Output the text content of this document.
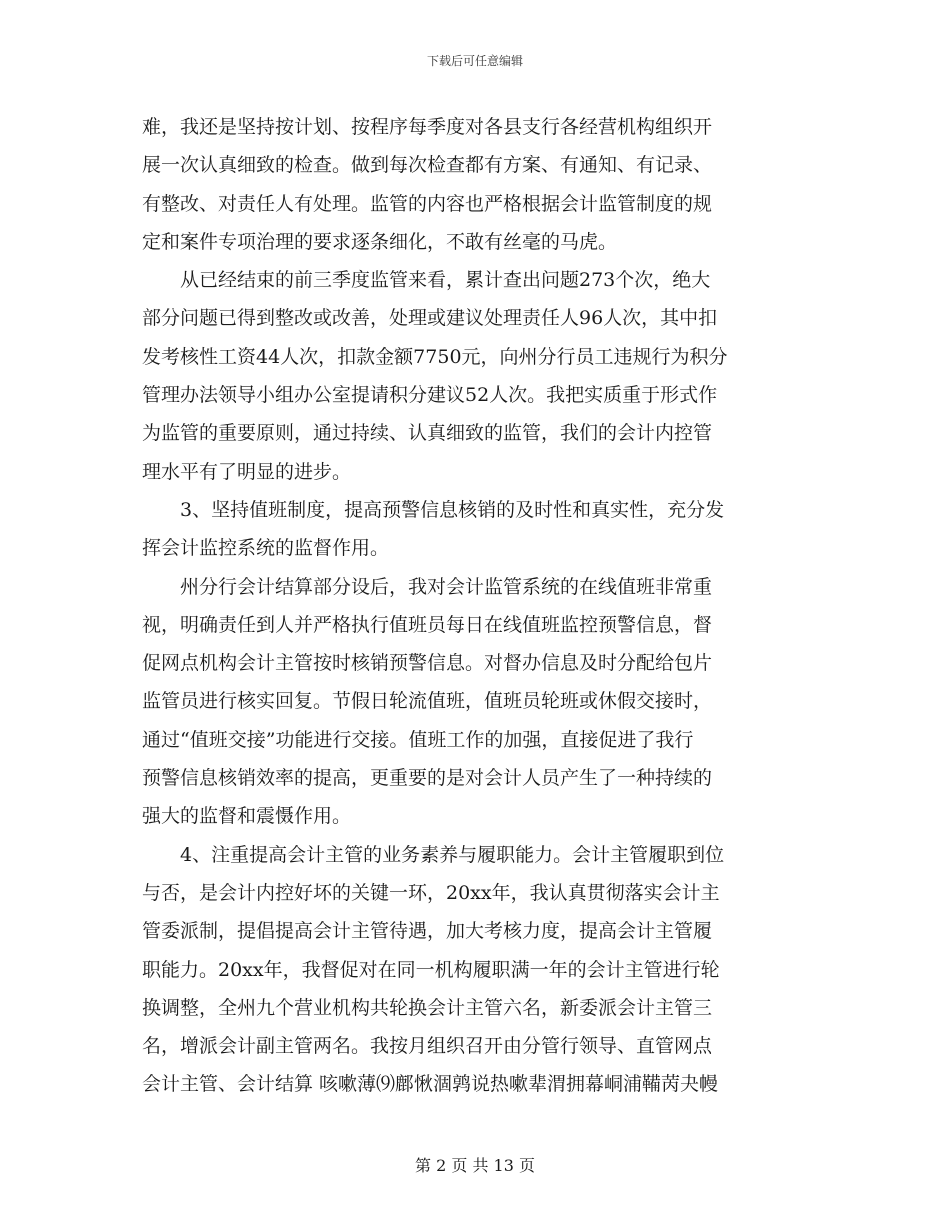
下载后可任意编辑
难，我还是坚持按计划、按程序每季度对各县支行各经营机构组织开
展一次认真细致的检查。做到每次检查都有方案、有通知、有记录、
有整改、对责任人有处理。监管的内容也严格根据会计监管制度的规
定和案件专项治理的要求逐条细化，不敢有丝毫的马虎。
　　从已经结束的前三季度监管来看，累计查出问题273个次，绝大
部分问题已得到整改或改善，处理或建议处理责任人96人次，其中扣
发考核性工资44人次，扣款金额7750元，向州分行员工违规行为积分
管理办法领导小组办公室提请积分建议52人次。我把实质重于形式作
为监管的重要原则，通过持续、认真细致的监管，我们的会计内控管
理水平有了明显的进步。
　　3、坚持值班制度，提高预警信息核销的及时性和真实性，充分发
挥会计监控系统的监督作用。
　　州分行会计结算部分设后，我对会计监管系统的在线值班非常重
视，明确责任到人并严格执行值班员每日在线值班监控预警信息，督
促网点机构会计主管按时核销预警信息。对督办信息及时分配给包片
监管员进行核实回复。节假日轮流值班，值班员轮班或休假交接时，
通过“值班交接”功能进行交接。值班工作的加强，直接促进了我行
预警信息核销效率的提高，更重要的是对会计人员产生了一种持续的
强大的监督和震慑作用。
　　4、注重提高会计主管的业务素养与履职能力。会计主管履职到位
与否，是会计内控好坏的关键一环，20xx年，我认真贯彻落实会计主
管委派制，提倡提高会计主管待遇，加大考核力度，提高会计主管履
职能力。20xx年，我督促对在同一机构履职满一年的会计主管进行轮
换调整，全州九个营业机构共轮换会计主管六名，新委派会计主管三
名，增派会计副主管两名。我按月组织召开由分管行领导、直管网点
会计主管、会计结算 咳嗽薄⑼鄜愀涸鹑说热嗽辈渭拥幕峒浦鞴苪夬幔
第 2 页 共 13 页
